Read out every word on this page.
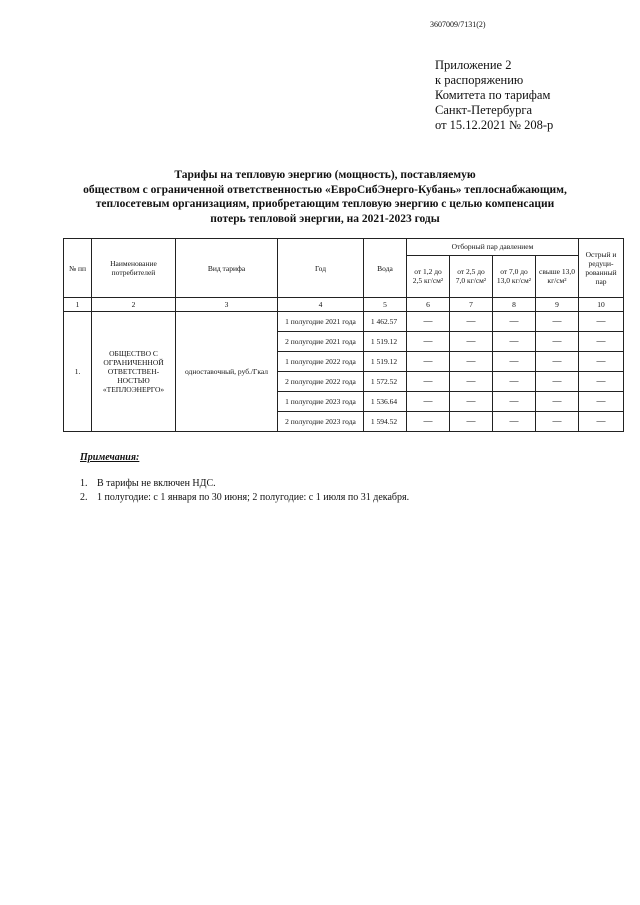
3607009/7131(2)
Приложение 2
к распоряжению
Комитета по тарифам
Санкт-Петербурга
от 15.12.2021 № 208-р
Тарифы на тепловую энергию (мощность), поставляемую
обществом с ограниченной ответственностью «ЕвроСибЭнерго-Кубань» теплоснабжающим,
теплосетевым организациям, приобретающим тепловую энергию с целью компенсации
потерь тепловой энергии, на 2021-2023 годы
№ пп	Наименование потребителей	Вид тарифа	Год	Вода	Отборный пар давлением				Острый и редуци-рованный пар
					от 1,2 до 2,5 кг/см²	от 2,5 до 7,0 кг/см²	от 7,0 до 13,0 кг/см²	свыше 13,0 кг/см²	
1	2	3	4	5	6	7	8	9	10
1.	ОБЩЕСТВО С ОГРАНИЧЕННОЙ ОТВЕТСТВЕН-НОСТЬЮ «ТЕПЛОЭНЕРГО»	одноставочный, руб./Гкал	1 полугодие 2021 года	1 462.57	—	—	—	—	—
			2 полугодие 2021 года	1 519.12	—	—	—	—	—
			1 полугодие 2022 года	1 519.12	—	—	—	—	—
			2 полугодие 2022 года	1 572.52	—	—	—	—	—
			1 полугодие 2023 года	1 536.64	—	—	—	—	—
			2 полугодие 2023 года	1 594.52	—	—	—	—	—
Примечания:
1. В тарифы не включен НДС.
2. 1 полугодие: с 1 января по 30 июня; 2 полугодие: с 1 июля по 31 декабря.
